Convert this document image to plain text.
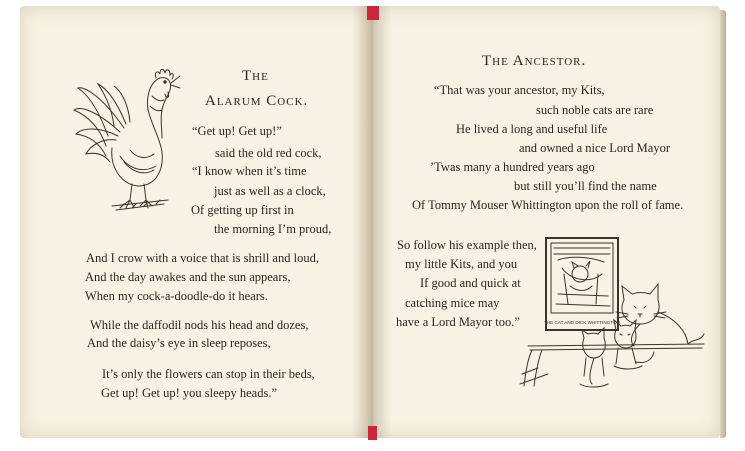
The
Alarum Cock.
“Get up! Get up!”
said the old red cock,
“I know when it’s time
just as well as a clock,
Of getting up first in
the morning I’m proud,
And I crow with a voice that is shrill and loud,
And the day awakes and the sun appears,
When my cock-a-doodle-do it hears.
While the daffodil nods his head and dozes,
And the daisy’s eye in sleep reposes,
It’s only the flowers can stop in their beds,
Get up! Get up! you sleepy heads.”
The Ancestor.
“That was your ancestor, my Kits,
such noble cats are rare
He lived a long and useful life
and owned a nice Lord Mayor
’Twas many a hundred years ago
but still you’ll find the name
Of Tommy Mouser Whittington upon the roll of fame.
So follow his example then,
my little Kits, and you
If good and quick at
catching mice may
have a Lord Mayor too.”	THE CAT AND DICK WHITTINGTON
